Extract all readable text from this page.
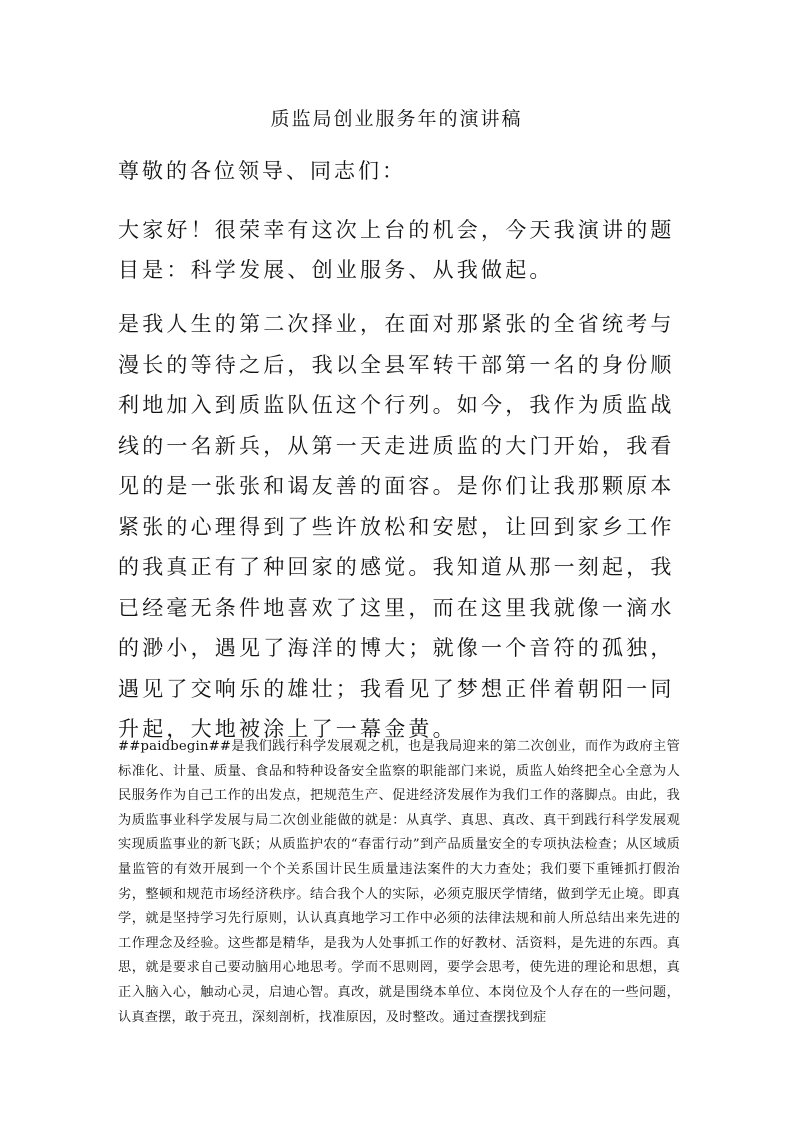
质监局创业服务年的演讲稿

尊敬的各位领导、同志们：

大家好！很荣幸有这次上台的机会，今天我演讲的题目是：科学发展、创业服务、从我做起。

是我人生的第二次择业，在面对那紧张的全省统考与漫长的等待之后，我以全县军转干部第一名的身份顺利地加入到质监队伍这个行列。如今，我作为质监战线的一名新兵，从第一天走进质监的大门开始，我看见的是一张张和谒友善的面容。是你们让我那颗原本紧张的心理得到了些许放松和安慰，让回到家乡工作的我真正有了种回家的感觉。我知道从那一刻起，我已经毫无条件地喜欢了这里，而在这里我就像一滴水的渺小，遇见了海洋的博大；就像一个音符的孤独，遇见了交响乐的雄壮；我看见了梦想正伴着朝阳一同升起，大地被涂上了一幕金黄。

##paidbegin##是我们践行科学发展观之机，也是我局迎来的第二次创业，而作为政府主管标准化、计量、质量、食品和特种设备安全监察的职能部门来说，质监人始终把全心全意为人民服务作为自己工作的出发点，把规范生产、促进经济发展作为我们工作的落脚点。由此，我为质监事业科学发展与局二次创业能做的就是：从真学、真思、真改、真干到践行科学发展观实现质监事业的新飞跃；从质监护农的“春雷行动”到产品质量安全的专项执法检查；从区域质量监管的有效开展到一个个关系国计民生质量违法案件的大力查处；我们要下重锤抓打假治劣，整顿和规范市场经济秩序。结合我个人的实际，必须克服厌学情绪，做到学无止境。即真学，就是坚持学习先行原则，认认真真地学习工作中必须的法律法规和前人所总结出来先进的工作理念及经验。这些都是精华，是我为人处事抓工作的好教材、活资料，是先进的东西。真思，就是要求自己要动脑用心地思考。学而不思则罔，要学会思考，使先进的理论和思想，真正入脑入心，触动心灵，启迪心智。真改，就是围绕本单位、本岗位及个人存在的一些问题，认真查摆，敢于亮丑，深刻剖析，找准原因，及时整改。通过查摆找到症
